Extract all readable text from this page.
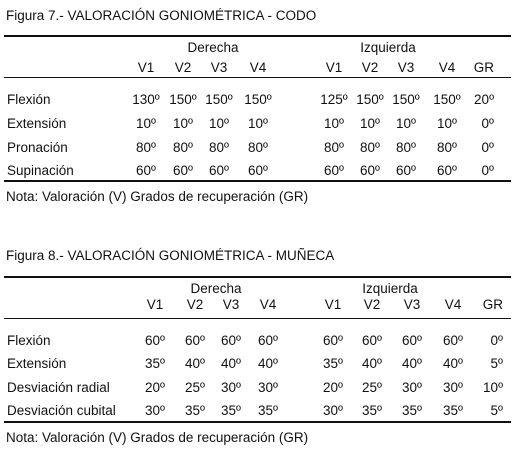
Figura 7.- VALORACIÓN GONIOMÉTRICA - CODO
Derecha	Izquierda
V1 V2 V3 V4	V1 V2 V3 V4 GR
Flexión	130º 150º 150º 150º	125º 150º 150º 150º 20º
Extensión	10º 10º 10º 10º	10º 10º 10º 10º 0º
Pronación	80º 80º 80º 80º	80º 80º 80º 80º 0º
Supinación	60º 60º 60º 60º	60º 60º 60º 60º 0º
Nota: Valoración (V) Grados de recuperación (GR)
Figura 8.- VALORACIÓN GONIOMÉTRICA - MUÑECA
Derecha	Izquierda
V1 V2 V3 V4	V1 V2 V3 V4 GR
Flexión	60º 60º 60º 60º	60º 60º 60º 60º 0º
Extensión	35º 40º 40º 40º	35º 40º 40º 40º 5º
Desviación radial	20º 25º 30º 30º	20º 25º 30º 30º 10º
Desviación cubital 30º 35º 35º 35º	30º 35º 35º 35º 5º
Nota: Valoración (V) Grados de recuperación (GR)
